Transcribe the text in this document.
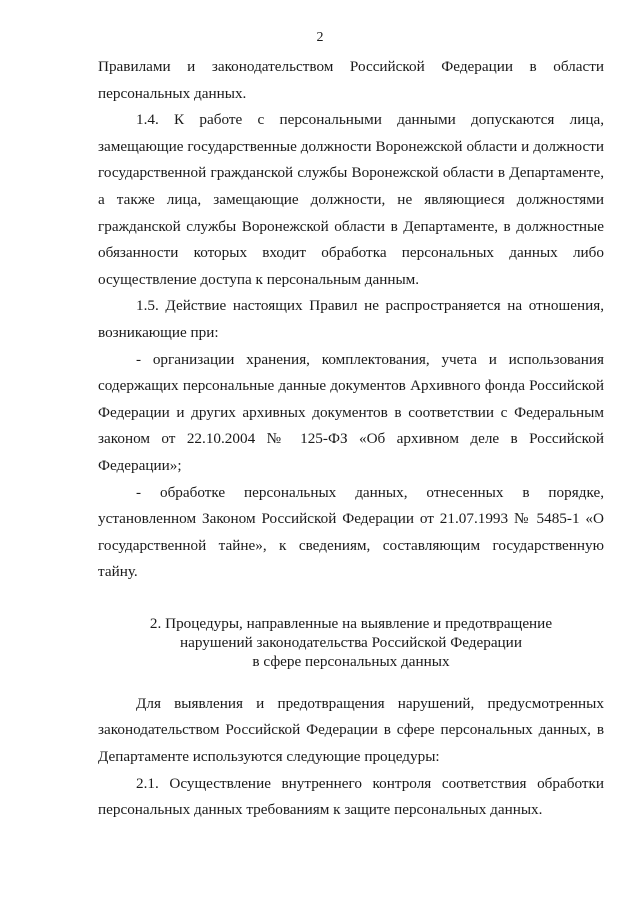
2

Правилами и законодательством Российской Федерации в области персональных данных.

1.4. К работе с персональными данными допускаются лица, замещающие государственные должности Воронежской области и должности государственной гражданской службы Воронежской области в Департаменте, а также лица, замещающие должности, не являющиеся должностями гражданской службы Воронежской области в Департаменте, в должностные обязанности которых входит обработка персональных данных либо осуществление доступа к персональным данным.

1.5. Действие настоящих Правил не распространяется на отношения, возникающие при:

- организации хранения, комплектования, учета и использования содержащих персональные данные документов Архивного фонда Российской Федерации и других архивных документов в соответствии с Федеральным законом от 22.10.2004 № 125-ФЗ «Об архивном деле в Российской Федерации»;

- обработке персональных данных, отнесенных в порядке, установленном Законом Российской Федерации от 21.07.1993 № 5485-1 «О государственной тайне», к сведениям, составляющим государственную тайну.

2. Процедуры, направленные на выявление и предотвращение
нарушений законодательства Российской Федерации
в сфере персональных данных

Для выявления и предотвращения нарушений, предусмотренных законодательством Российской Федерации в сфере персональных данных, в Департаменте используются следующие процедуры:

2.1. Осуществление внутреннего контроля соответствия обработки персональных данных требованиям к защите персональных данных.
